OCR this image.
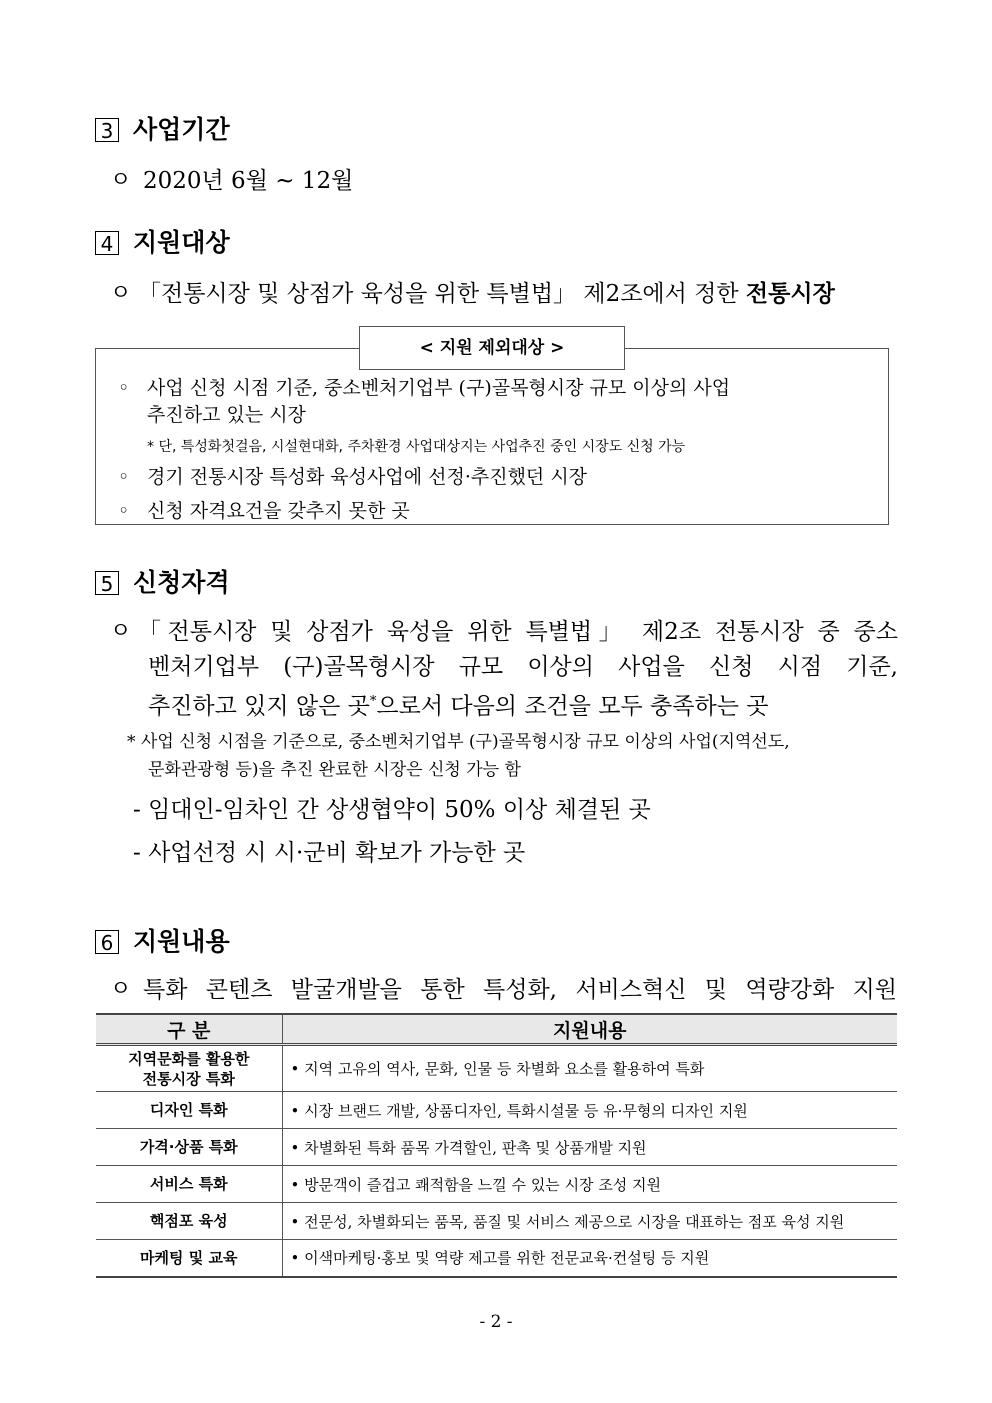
3 사업기간
ㅇ 2020년 6월 ~ 12월
4 지원대상
ㅇ 「전통시장 및 상점가 육성을 위한 특별법」 제2조에서 정한 전통시장
< 지원 제외대상 >
◦ 사업 신청 시점 기준, 중소벤처기업부 (구)골목형시장 규모 이상의 사업
추진하고 있는 시장
* 단, 특성화첫걸음, 시설현대화, 주차환경 사업대상지는 사업추진 중인 시장도 신청 가능
◦ 경기 전통시장 특성화 육성사업에 선정·추진했던 시장
◦ 신청 자격요건을 갖추지 못한 곳
5 신청자격
ㅇ 「전통시장 및 상점가 육성을 위한 특별법」 제2조 전통시장 중 중소
벤처기업부 (구)골목형시장 규모 이상의 사업을 신청 시점 기준,
추진하고 있지 않은 곳*으로서 다음의 조건을 모두 충족하는 곳
* 사업 신청 시점을 기준으로, 중소벤처기업부 (구)골목형시장 규모 이상의 사업(지역선도,
문화관광형 등)을 추진 완료한 시장은 신청 가능 함
- 임대인-임차인 간 상생협약이 50% 이상 체결된 곳
- 사업선정 시 시·군비 확보가 가능한 곳
6 지원내용
ㅇ 특화 콘텐츠 발굴개발을 통한 특성화, 서비스혁신 및 역량강화 지원
구 분	지원내용

지역문화를 활용한
전통시장 특화	• 지역 고유의 역사, 문화, 인물 등 차별화 요소를 활용하여 특화
디자인 특화	• 시장 브랜드 개발, 상품디자인, 특화시설물 등 유·무형의 디자인 지원
가격·상품 특화	• 차별화된 특화 품목 가격할인, 판촉 및 상품개발 지원
서비스 특화	• 방문객이 즐겁고 쾌적함을 느낄 수 있는 시장 조성 지원
핵점포 육성	• 전문성, 차별화되는 품목, 품질 및 서비스 제공으로 시장을 대표하는 점포 육성 지원
마케팅 및 교육	• 이색마케팅·홍보 및 역량 제고를 위한 전문교육·컨설팅 등 지원
- 2 -
